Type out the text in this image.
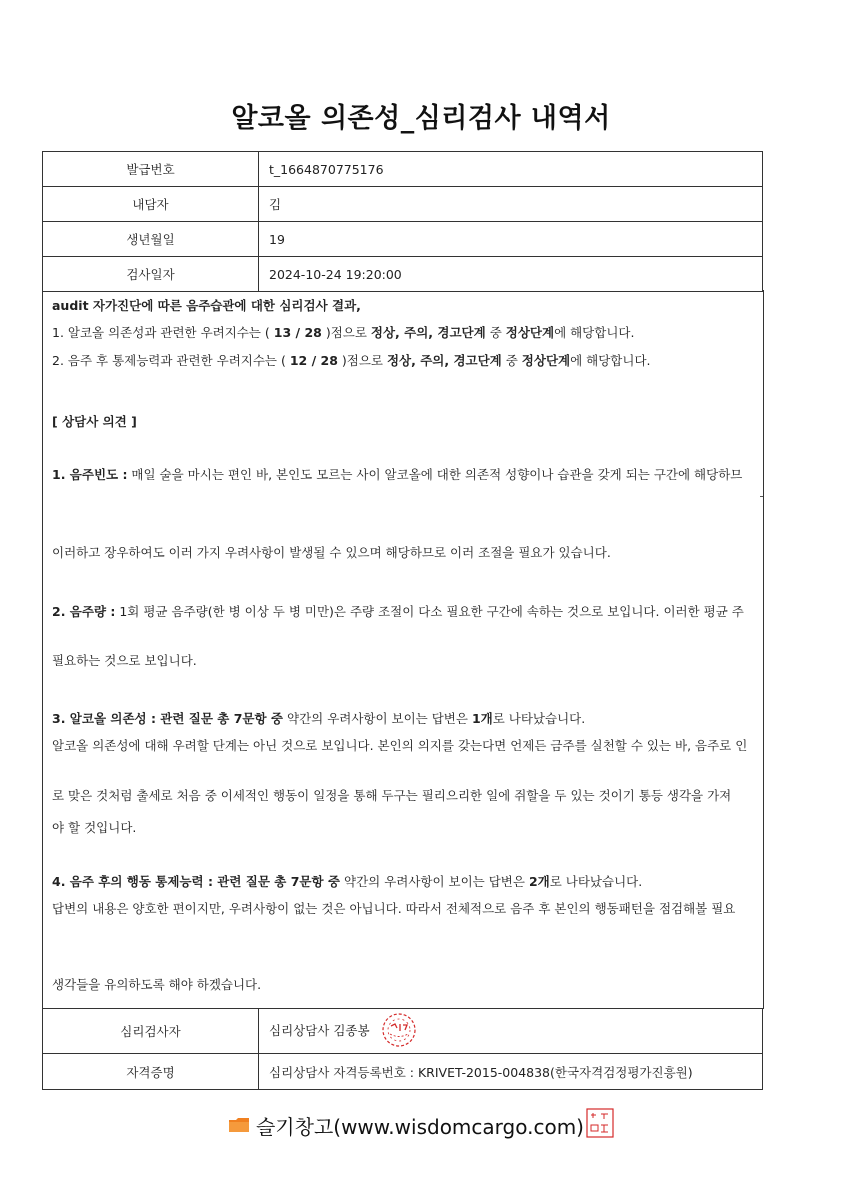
알코올 의존성_심리검사 내역서
발급번호	t_1664870775176
내담자	김
생년월일	19
검사일자	2024-10-24 19:20:00
audit 자가진단에 따른 음주습관에 대한 심리검사 결과,
1. 알코올 의존성과 관련한 우려지수는 ( 13 / 28 )점으로 정상, 주의, 경고단계 중 정상단계에 해당합니다.
2. 음주 후 통제능력과 관련한 우려지수는 ( 12 / 28 )점으로 정상, 주의, 경고단계 중 정상단계에 해당합니다.
[ 상담사 의견 ]
1. 음주빈도 : 매일 술을 마시는 편인 바, 본인도 모르는 사이 알코올에 대한 의존적 성향이나 습관을 갖게 되는 구간에 해당하므
이러하고 장우하여도 이러 가지 우려사항이 발생될 수 있으며 해당하므로 이러 조절을 필요가 있습니다.
2. 음주량 : 1회 평균 음주량(한 병 이상 두 병 미만)은 주량 조절이 다소 필요한 구간에 속하는 것으로 보입니다. 이러한 평균 주
필요하는 것으로 보입니다.
3. 알코올 의존성 : 관련 질문 총 7문항 중 약간의 우려사항이 보이는 답변은 1개로 나타났습니다.
알코올 의존성에 대해 우려할 단계는 아닌 것으로 보입니다. 본인의 의지를 갖는다면 언제든 금주를 실천할 수 있는 바, 음주로 인
로 맞은 것처럼 출세로 처음 중 이세적인 행동이 일정을 통해 두구는 필리으리한 일에 쥐할을 두 있는 것이기 통등 생각을 가져
야 할 것입니다.
4. 음주 후의 행동 통제능력 : 관련 질문 총 7문항 중 약간의 우려사항이 보이는 답변은 2개로 나타났습니다.
답변의 내용은 양호한 편이지만, 우려사항이 없는 것은 아닙니다. 따라서 전체적으로 음주 후 본인의 행동패턴을 점검해볼 필요
생각들을 유의하도록 해야 하겠습니다.
심리검사자	심리상담사 김종봉
자격증명	심리상담사 자격등록번호 : KRIVET-2015-004838(한국자격검정평가진흥원)
슬기창고(www.wisdomcargo.com)
